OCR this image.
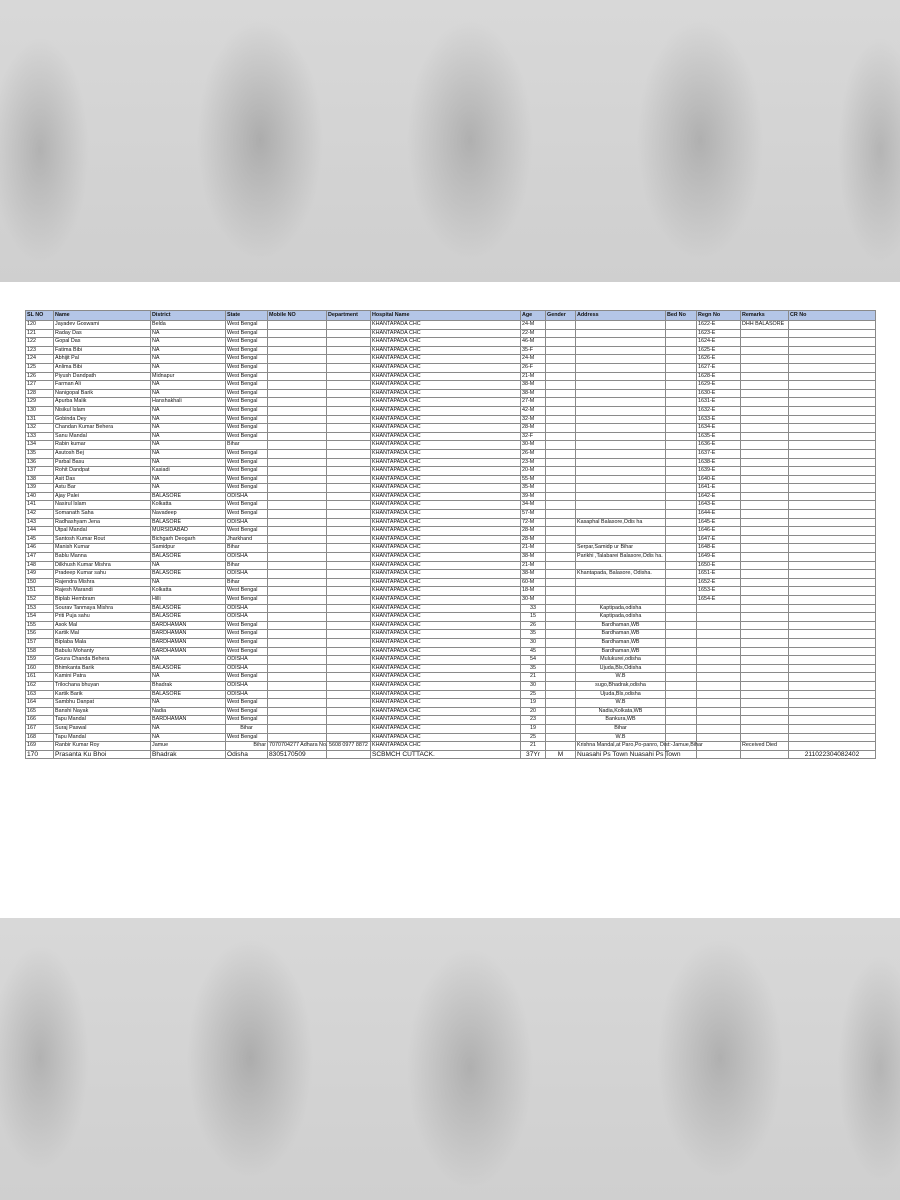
SL NO	Name	District	State	Mobile NO	Department	Hospital Name	Age	Gender	Address	Bed No	Regn No	Remarks	CR No
120	Jayadev Goswami	Belda	West Bengal			KHANTAPADA CHC	24-M				1622-E	DHH BALASORE	
121	Raday Das	NA	West Bengal			KHANTAPADA CHC	22-M				1623-E		
122	Gopal Das	NA	West Bengal			KHANTAPADA CHC	46-M				1624-E		
123	Fatima Bibi	NA	West Bengal			KHANTAPADA CHC	35-F				1625-E		
124	Abhijit Pal	NA	West Bengal			KHANTAPADA CHC	24-M				1626-E		
125	Anlima Bibi	NA	West Bengal			KHANTAPADA CHC	26-F				1627-E		
126	Piyush Dandpath	Midnapur	West Bengal			KHANTAPADA CHC	21-M				1628-E		
127	Farman Ali	NA	West Bengal			KHANTAPADA CHC	38-M				1629-E		
128	Nanigopal Barik	NA	West Bengal			KHANTAPADA CHC	38-M				1630-E		
129	Apurba Malik	Hanshakhali	West Bengal			KHANTAPADA CHC	27-M				1631-E		
130	Nisikul Islam	NA	West Bengal			KHANTAPADA CHC	42-M				1632-E		
131	Gobinda Dey	NA	West Bengal			KHANTAPADA CHC	32-M				1633-E		
132	Chandan Kumar Behera	NA	West Bengal			KHANTAPADA CHC	28-M				1634-E		
133	Sanu Mandal	NA	West Bengal			KHANTAPADA CHC	32-F				1635-E		
134	Rabin kumar	NA	Bihar			KHANTAPADA CHC	30-M				1636-E		
135	Asutosh Bej	NA	West Bengal			KHANTAPADA CHC	26-M				1637-E		
136	Parbal Basu	NA	West Bengal			KHANTAPADA CHC	23-M				1638-E		
137	Rohit Dandpat	Kasiadi	West Bengal			KHANTAPADA CHC	20-M				1639-E		
138	Asit Das	NA	West Bengal			KHANTAPADA CHC	55-M				1640-E		
139	Astu Bar	NA	West Bengal			KHANTAPADA CHC	35-M				1641-E		
140	Ajay Palei	BALASORE	ODISHA			KHANTAPADA CHC	39-M				1642-E		
141	Nasirul Islam	Kolkatta	West Bengal			KHANTAPADA CHC	34-M				1643-E		
142	Somanath Saha	Navadeep	West Bengal			KHANTAPADA CHC	57-M				1644-E		
143	Radhashyam Jena	BALASORE	ODISHA			KHANTAPADA CHC	72-M		Kasaphal Balasore,Odis ha		1645-E		
144	Utpal Mandal	MURSIDABAD	West Bengal			KHANTAPADA CHC	28-M				1646-E		
145	Santosh Kumar Rout	Bichgarh Deogarh	Jharkhand			KHANTAPADA CHC	28-M				1647-E		
146	Manish Kumar	Samidpur	Bihar			KHANTAPADA CHC	21-M		Serpar,Samidp ur Bihar		1648-E		
147	Bablu Manna	BALASORE	ODISHA			KHANTAPADA CHC	38-M		Parikhi ,Talabarei Balasore,Odis ha.		1649-E		
148	Dilkhush Kumar Mishra	NA	Bihar			KHANTAPADA CHC	21-M				1650-E		
149	Pradeep Kumar sahu	BALASORE	ODISHA			KHANTAPADA CHC	38-M		Khantapada, Balasore, Odisha.		1651-E		
150	Rajendra Mishra	NA	Bihar			KHANTAPADA CHC	60-M				1652-E		
151	Rajesh Marandi	Kolkatta	West Bengal			KHANTAPADA CHC	18-M				1653-E		
152	Biplab Hembram	Hilli	West Bengal			KHANTAPADA CHC	30-M				1654-E		
153	Sourav Tanmaya Mishra	BALASORE	ODISHA			KHANTAPADA CHC	33		Kaptipada,odisha				
154	Priti Puja sahu	BALASORE	ODISHA			KHANTAPADA CHC	15		Kaptipada,odisha				
155	Asok Mal	BARDHAMAN	West Bengal			KHANTAPADA CHC	26		Bardhaman,WB				
156	Kartik Mal	BARDHAMAN	West Bengal			KHANTAPADA CHC	35		Bardhaman,WB				
157	Biplaba Mala	BARDHAMAN	West Bengal			KHANTAPADA CHC	30		Bardhaman,WB				
158	Babulu Mohanty	BARDHAMAN	West Bengal			KHANTAPADA CHC	45		Bardhaman,WB				
159	Goura Chanda Behera	NA	ODISHA			KHANTAPADA CHC	54		Mulukurei,odisha				
160	Bhimkanta Barik	BALASORE	ODISHA			KHANTAPADA CHC	35		Ujuda,Bls,Odisha				
161	Kamini Patra	NA	West Bengal			KHANTAPADA CHC	21		W.B				
162	Trilochana bhuyan	Bhadrak	ODISHA			KHANTAPADA CHC	30		sugo,Bhadrak,odisha				
163	Kartik Barik	BALASORE	ODISHA			KHANTAPADA CHC	25		Ujuda,Bls,odisha				
164	Sambhu Danpat	NA	West Bengal			KHANTAPADA CHC	19		W.B				
165	Banshi Nayak	Nadia	West Bengal			KHANTAPADA CHC	20		Nadia,Kolkata,WB				
166	Tapu Mandal	BARDHAMAN	West Bengal			KHANTAPADA CHC	23		Bankura,WB				
167	Suraj Paswal	NA	Bihar			KHANTAPADA CHC	19		Bihar				
168	Tapu Mandal	NA	West Bengal			KHANTAPADA CHC	25		W.B				
169	Ranbir Kumar Roy	Jamue	Bihar	7070704277 Adhara No. 5608 0977 8872		KHANTAPADA CHC	21		Krishna Mandal,at Paro,Po-panro, Dist:-Jamue,Bihar			Received Died	
170	Prasanta Ku Bhoi	Bhadrak	Odisha	8305170509		SCBMCH CUTTACK.	37Yr	M	Nuasahi Ps Town Nuasahi Ps Town				211022304082402
